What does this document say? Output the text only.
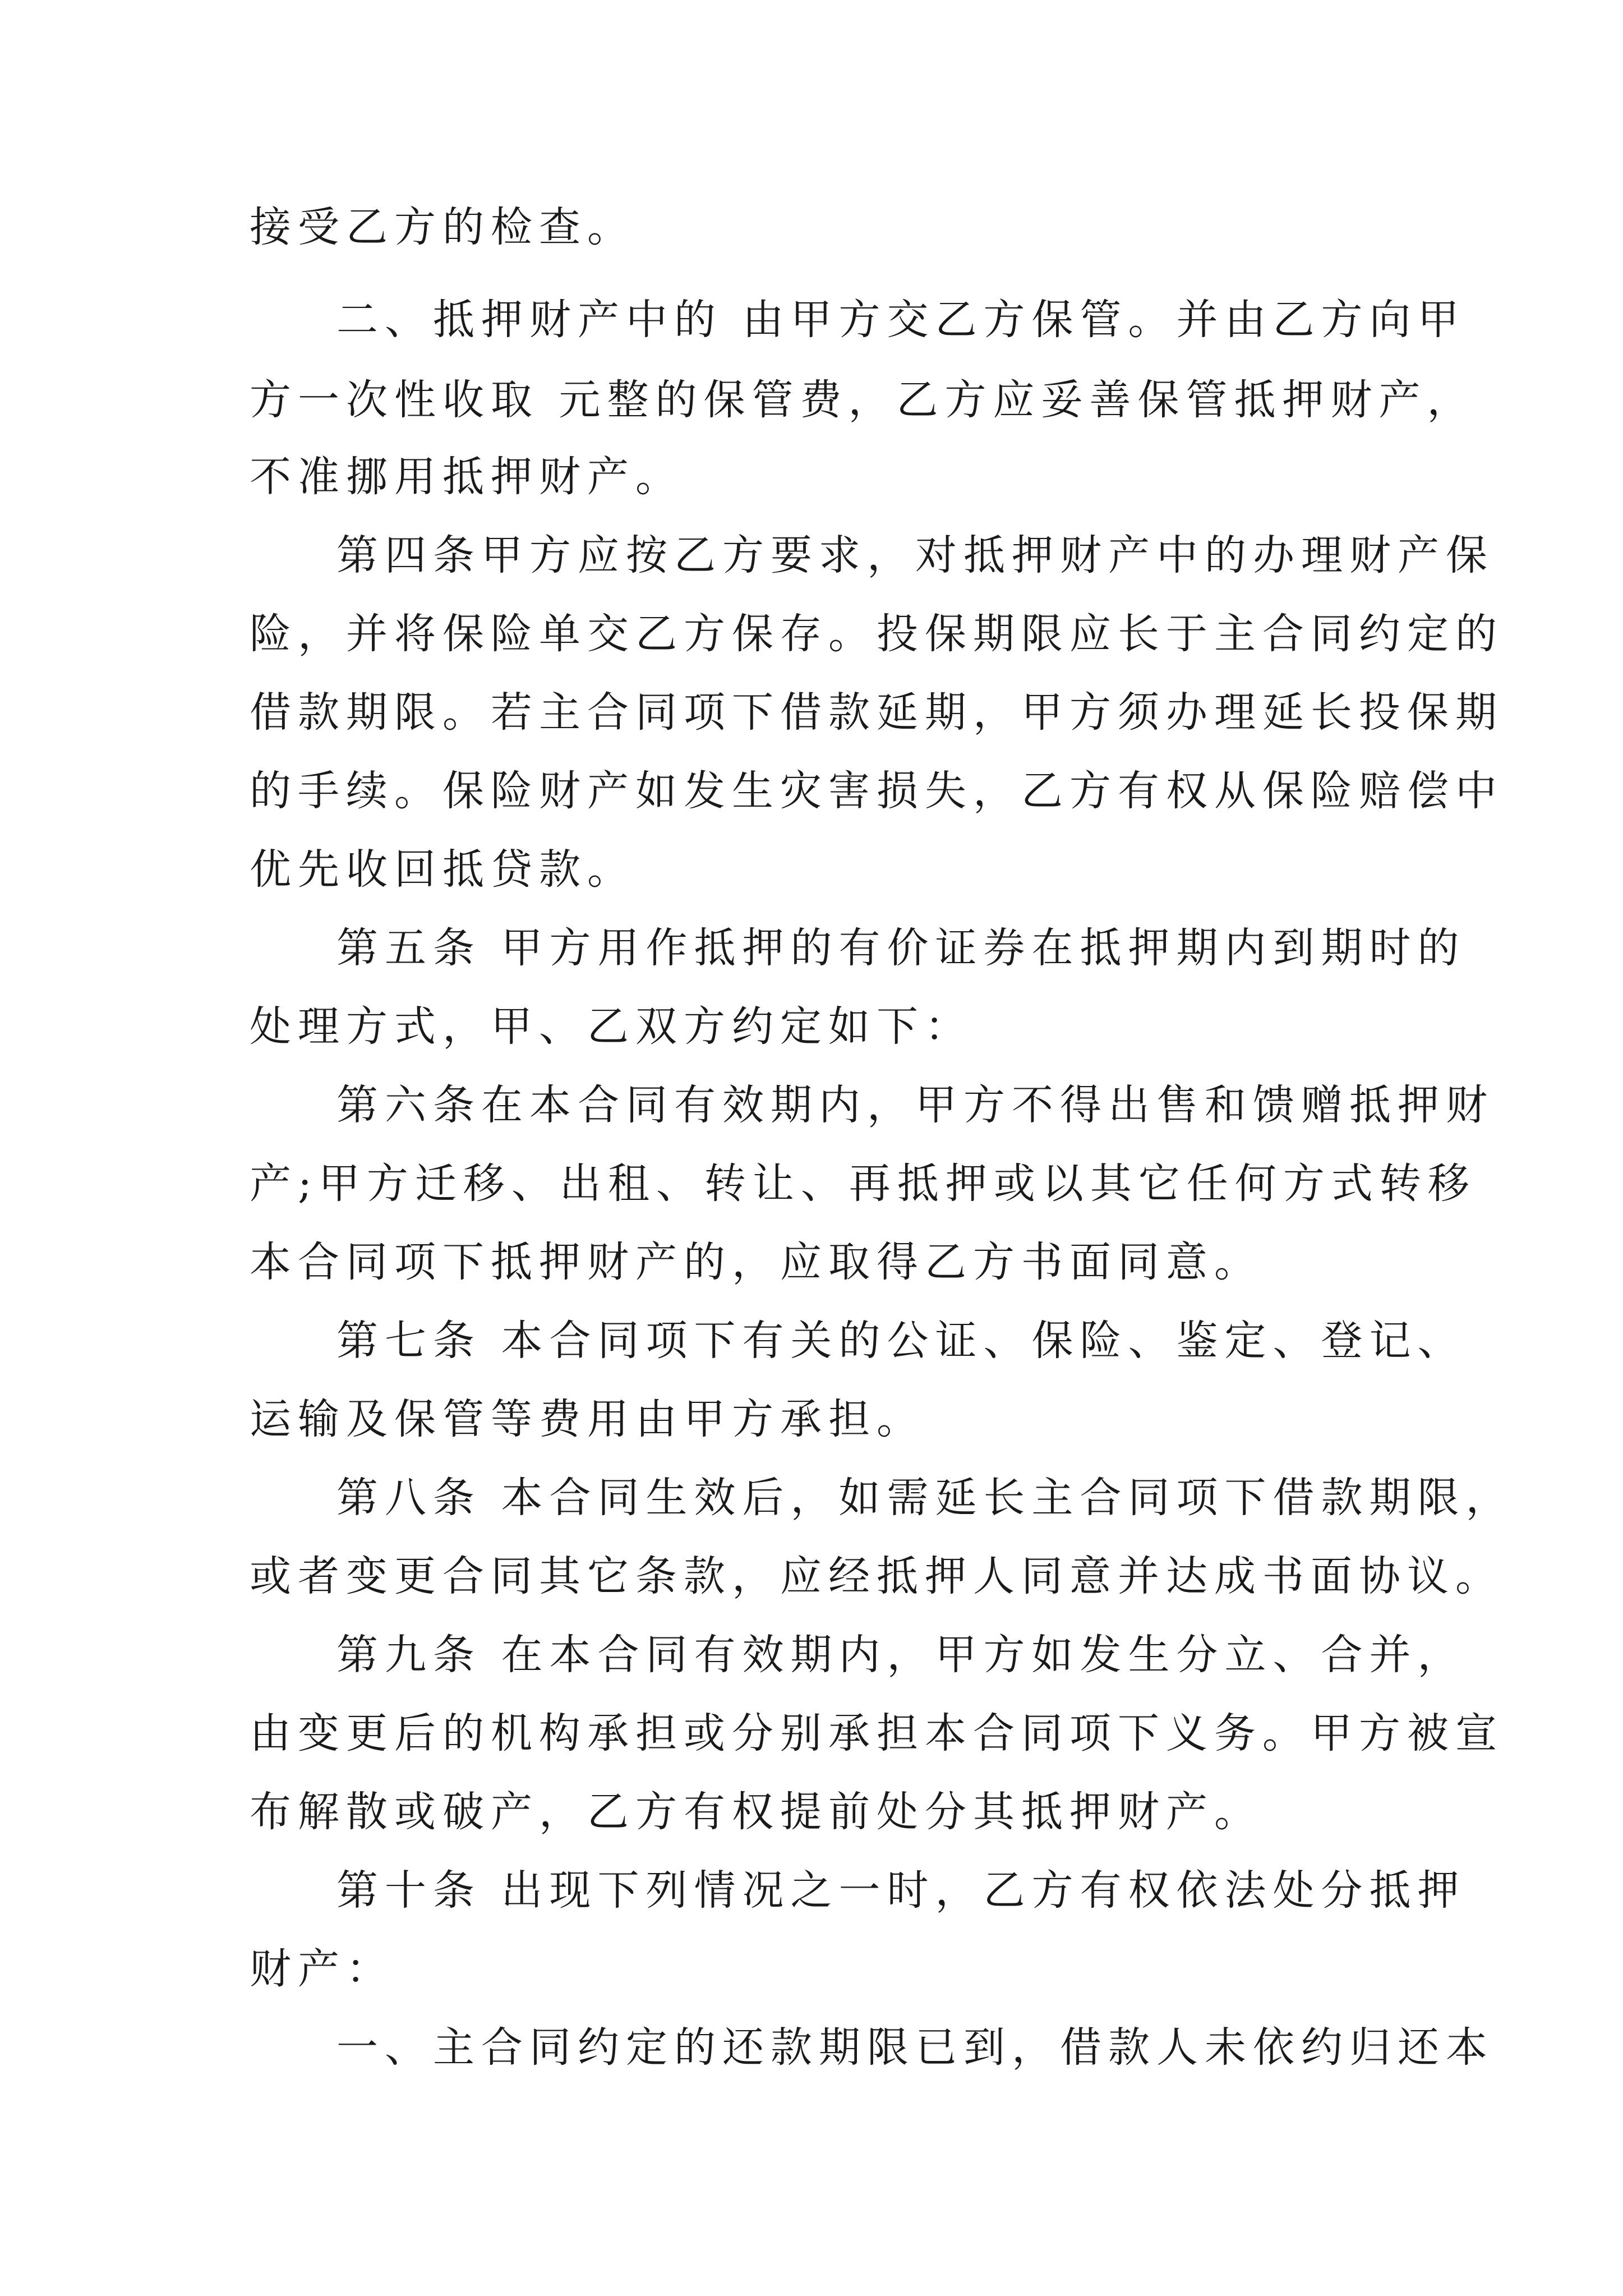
接受乙方的检查。
二、抵押财产中的 由甲方交乙方保管。并由乙方向甲
方一次性收取 元整的保管费，乙方应妥善保管抵押财产，
不准挪用抵押财产。
第四条甲方应按乙方要求，对抵押财产中的办理财产保
险，并将保险单交乙方保存。投保期限应长于主合同约定的
借款期限。若主合同项下借款延期，甲方须办理延长投保期
的手续。保险财产如发生灾害损失，乙方有权从保险赔偿中
优先收回抵贷款。
第五条 甲方用作抵押的有价证券在抵押期内到期时的
处理方式，甲、乙双方约定如下：
第六条在本合同有效期内，甲方不得出售和馈赠抵押财
产;甲方迁移、出租、转让、再抵押或以其它任何方式转移
本合同项下抵押财产的，应取得乙方书面同意。
第七条 本合同项下有关的公证、保险、鉴定、登记、
运输及保管等费用由甲方承担。
第八条 本合同生效后，如需延长主合同项下借款期限，
或者变更合同其它条款，应经抵押人同意并达成书面协议。
第九条 在本合同有效期内，甲方如发生分立、合并，
由变更后的机构承担或分别承担本合同项下义务。甲方被宣
布解散或破产，乙方有权提前处分其抵押财产。
第十条 出现下列情况之一时，乙方有权依法处分抵押
财产：
一、主合同约定的还款期限已到，借款人未依约归还本
